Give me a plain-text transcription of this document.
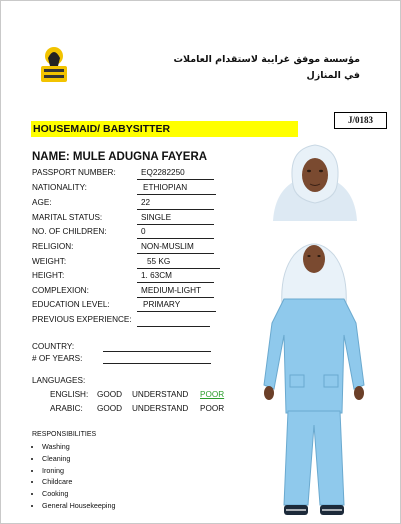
مؤسسة موفق غرايبة لاستقدام العاملات
في المنازل
J/0183
HOUSEMAID/ BABYSITTER
NAME: MULE ADUGNA FAYERA
PASSPORT NUMBER:	EQ2282250
NATIONALITY:	ETHIOPIAN
AGE:	22
MARITAL STATUS:	SINGLE
NO. OF CHILDREN:	0
RELIGION:	NON-MUSLIM
WEIGHT:	55 KG
HEIGHT:	1. 63CM
COMPLEXION:	MEDIUM-LIGHT
EDUCATION LEVEL:	PRIMARY
PREVIOUS EXPERIENCE:
COUNTRY:
# OF YEARS:
LANGUAGES:
ENGLISH: GOOD UNDERSTAND POOR
ARABIC: GOOD UNDERSTAND POOR
RESPONSIBILITIES
• Washing
• Cleaning
• Ironing
• Childcare
• Cooking
• General Housekeeping
